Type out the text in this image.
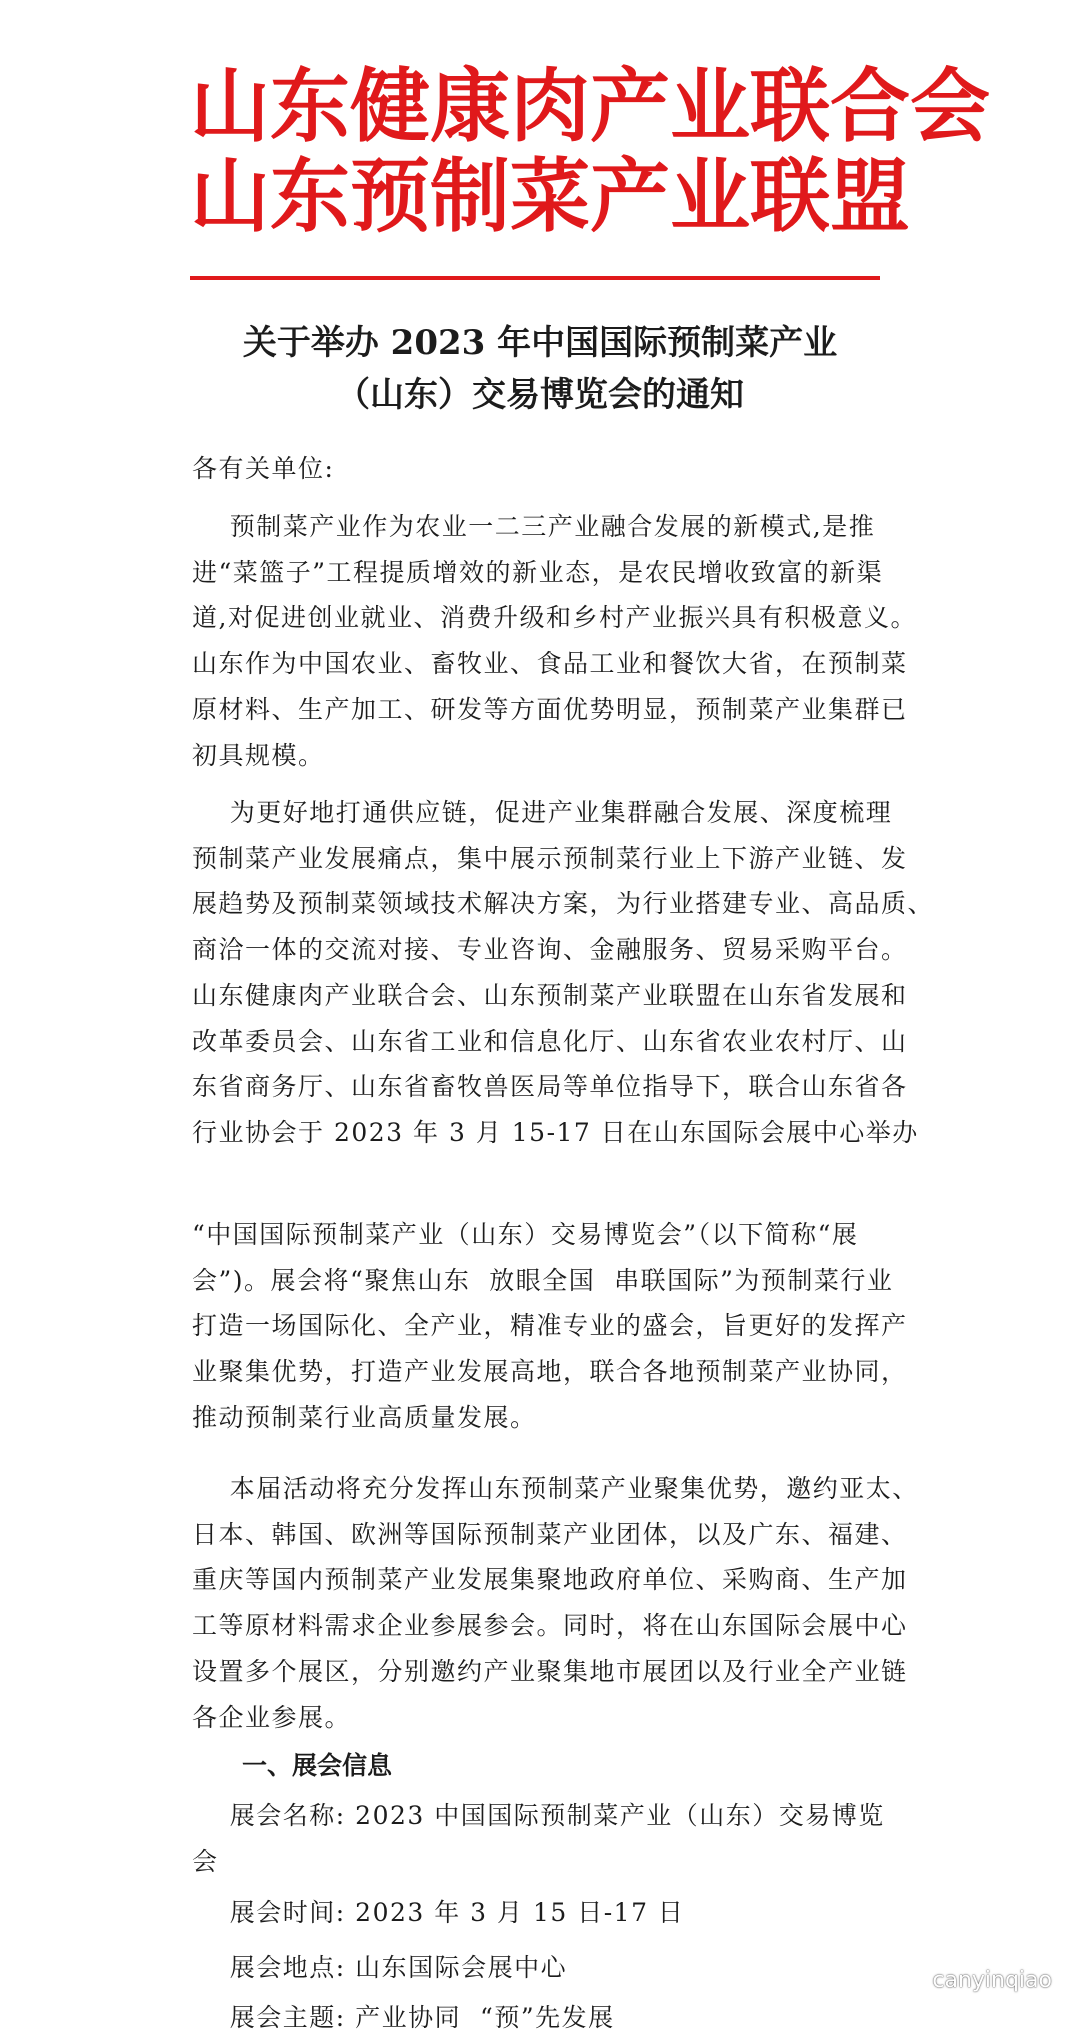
山东健康肉产业联合会
山东预制菜产业联盟
关于举办 2023 年中国国际预制菜产业
（山东）交易博览会的通知

各有关单位:

预制菜产业作为农业一二三产业融合发展的新模式,是推
进“菜篮子”工程提质增效的新业态，是农民增收致富的新渠
道,对促进创业就业、消费升级和乡村产业振兴具有积极意义。
山东作为中国农业、畜牧业、食品工业和餐饮大省，在预制菜
原材料、生产加工、研发等方面优势明显，预制菜产业集群已
初具规模。

为更好地打通供应链，促进产业集群融合发展、深度梳理
预制菜产业发展痛点，集中展示预制菜行业上下游产业链、发
展趋势及预制菜领域技术解决方案，为行业搭建专业、高品质、
商洽一体的交流对接、专业咨询、金融服务、贸易采购平台。
山东健康肉产业联合会、山东预制菜产业联盟在山东省发展和
改革委员会、山东省工业和信息化厅、山东省农业农村厅、山
东省商务厅、山东省畜牧兽医局等单位指导下，联合山东省各
行业协会于 2023 年 3 月 15-17 日在山东国际会展中心举办

“中国国际预制菜产业（山东）交易博览会”（以下简称“展
会”)。展会将“聚焦山东  放眼全国  串联国际”为预制菜行业
打造一场国际化、全产业，精准专业的盛会，旨更好的发挥产
业聚集优势，打造产业发展高地，联合各地预制菜产业协同，
推动预制菜行业高质量发展。

本届活动将充分发挥山东预制菜产业聚集优势，邀约亚太、
日本、韩国、欧洲等国际预制菜产业团体，以及广东、福建、
重庆等国内预制菜产业发展集聚地政府单位、采购商、生产加
工等原材料需求企业参展参会。同时，将在山东国际会展中心
设置多个展区，分别邀约产业聚集地市展团以及行业全产业链
各企业参展。

一、展会信息

展会名称: 2023 中国国际预制菜产业（山东）交易博览
会

展会时间: 2023 年 3 月 15 日-17 日

展会地点: 山东国际会展中心

展会主题: 产业协同  “预”先发展

canyinqiao
